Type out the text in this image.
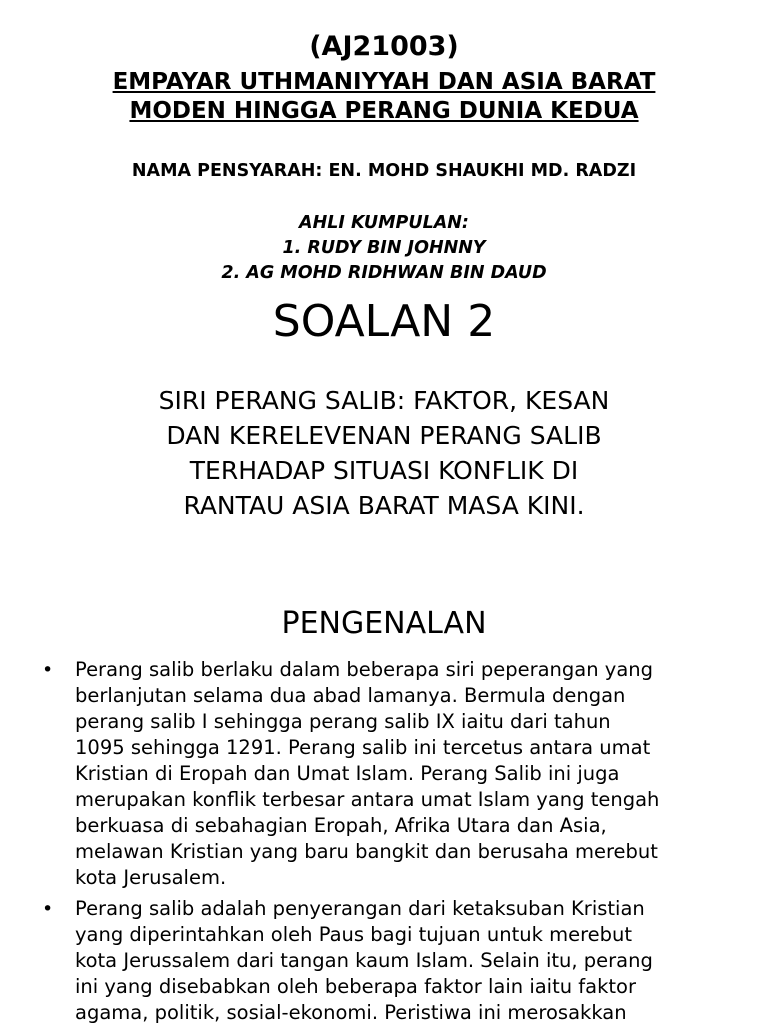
(AJ21003)
EMPAYAR UTHMANIYYAH DAN ASIA BARAT
MODEN HINGGA PERANG DUNIA KEDUA
NAMA PENSYARAH: EN. MOHD SHAUKHI MD. RADZI
AHLI KUMPULAN:
1. RUDY BIN JOHNNY
2. AG MOHD RIDHWAN BIN DAUD
SOALAN 2
SIRI PERANG SALIB: FAKTOR, KESAN
DAN KERELEVENAN PERANG SALIB
TERHADAP SITUASI KONFLIK DI
RANTAU ASIA BARAT MASA KINI.
PENGENALAN
• Perang salib berlaku dalam beberapa siri peperangan yang
berlanjutan selama dua abad lamanya. Bermula dengan
perang salib I sehingga perang salib IX iaitu dari tahun
1095 sehingga 1291. Perang salib ini tercetus antara umat
Kristian di Eropah dan Umat Islam. Perang Salib ini juga
merupakan konflik terbesar antara umat Islam yang tengah
berkuasa di sebahagian Eropah, Afrika Utara dan Asia,
melawan Kristian yang baru bangkit dan berusaha merebut
kota Jerusalem.
• Perang salib adalah penyerangan dari ketaksuban Kristian
yang diperintahkan oleh Paus bagi tujuan untuk merebut
kota Jerussalem dari tangan kaum Islam. Selain itu, perang
ini yang disebabkan oleh beberapa faktor lain iaitu faktor
agama, politik, sosial-ekonomi. Peristiwa ini merosakkan
